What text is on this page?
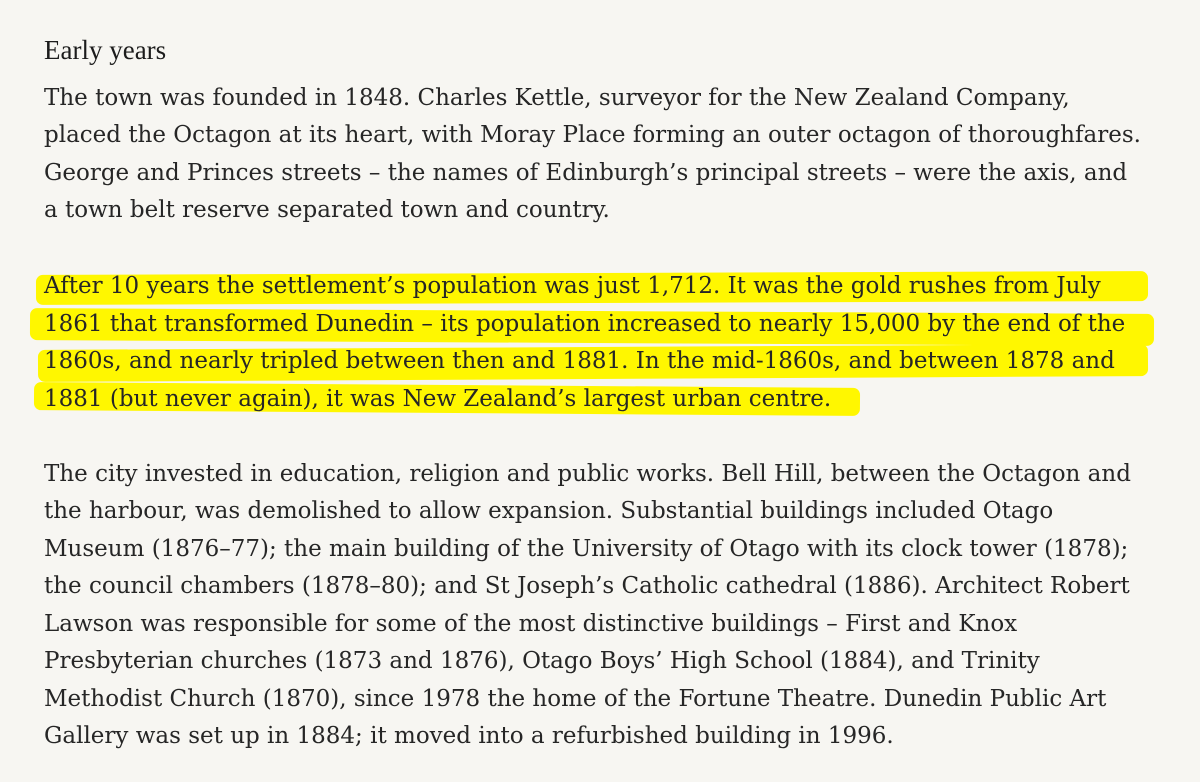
Early years
The town was founded in 1848. Charles Kettle, surveyor for the New Zealand Company,
placed the Octagon at its heart, with Moray Place forming an outer octagon of thoroughfares.
George and Princes streets – the names of Edinburgh’s principal streets – were the axis, and
a town belt reserve separated town and country.
After 10 years the settlement’s population was just 1,712. It was the gold rushes from July
1861 that transformed Dunedin – its population increased to nearly 15,000 by the end of the
1860s, and nearly tripled between then and 1881. In the mid-1860s, and between 1878 and
1881 (but never again), it was New Zealand’s largest urban centre.
The city invested in education, religion and public works. Bell Hill, between the Octagon and
the harbour, was demolished to allow expansion. Substantial buildings included Otago
Museum (1876–77); the main building of the University of Otago with its clock tower (1878);
the council chambers (1878–80); and St Joseph’s Catholic cathedral (1886). Architect Robert
Lawson was responsible for some of the most distinctive buildings – First and Knox
Presbyterian churches (1873 and 1876), Otago Boys’ High School (1884), and Trinity
Methodist Church (1870), since 1978 the home of the Fortune Theatre. Dunedin Public Art
Gallery was set up in 1884; it moved into a refurbished building in 1996.
